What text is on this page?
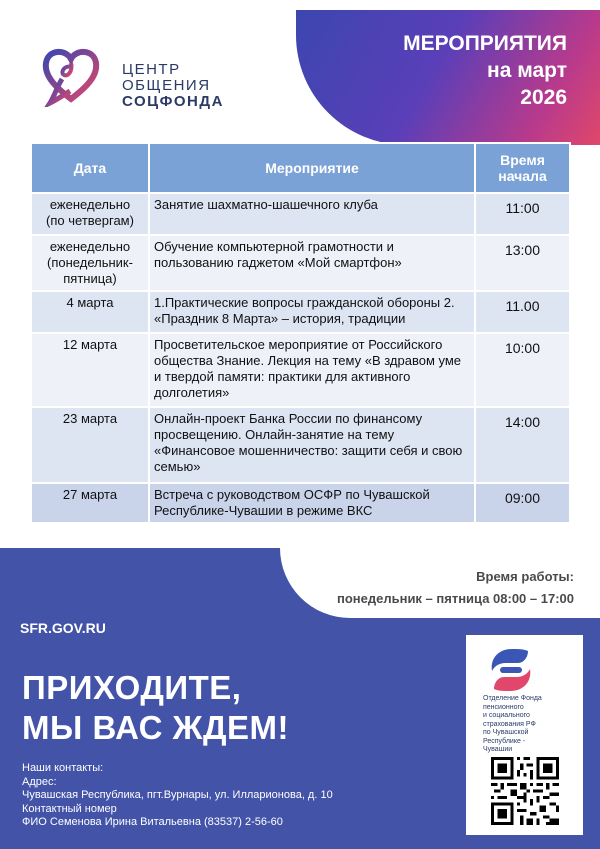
ЦЕНТР
ОБЩЕНИЯ
СОЦФОНДА
МЕРОПРИЯТИЯ
на март
2026
Дата	Мероприятие	Время
начала

еженедельно
(по четвергам)	Занятие шахматно-шашечного клуба	11:00

еженедельно
(понедельник-
пятница)	Обучение компьютерной грамотности и пользованию гаджетом «Мой смартфон»	13:00

4 марта	1.Практические вопросы гражданской обороны 2. «Праздник 8 Марта» – история, традиции	11.00

12 марта	Просветительское мероприятие от Российского общества Знание. Лекция на тему «В здравом уме и твердой памяти: практики для активного долголетия»	10:00

23 марта	Онлайн-проект Банка России по финансому просвещению. Онлайн-занятие на тему «Финансовое мошенничество: защити себя и свою семью»	14:00

27 марта	Встреча с руководством ОСФР по Чувашской Республике-Чувашии в режиме ВКС	09:00
Время работы:
понедельник – пятница 08:00 – 17:00
SFR.GOV.RU
ПРИХОДИТЕ,
МЫ ВАС ЖДЕМ!
Наши контакты:
Адрес:
Чувашская Республика, пгт.Вурнары, ул. Илларионова, д. 10
Контактный номер
ФИО Семенова Ирина Витальевна (83537) 2-56-60
Отделение Фонда
пенсионного
и социального
страхования РФ
по Чувашской
Республике -
Чувашии
